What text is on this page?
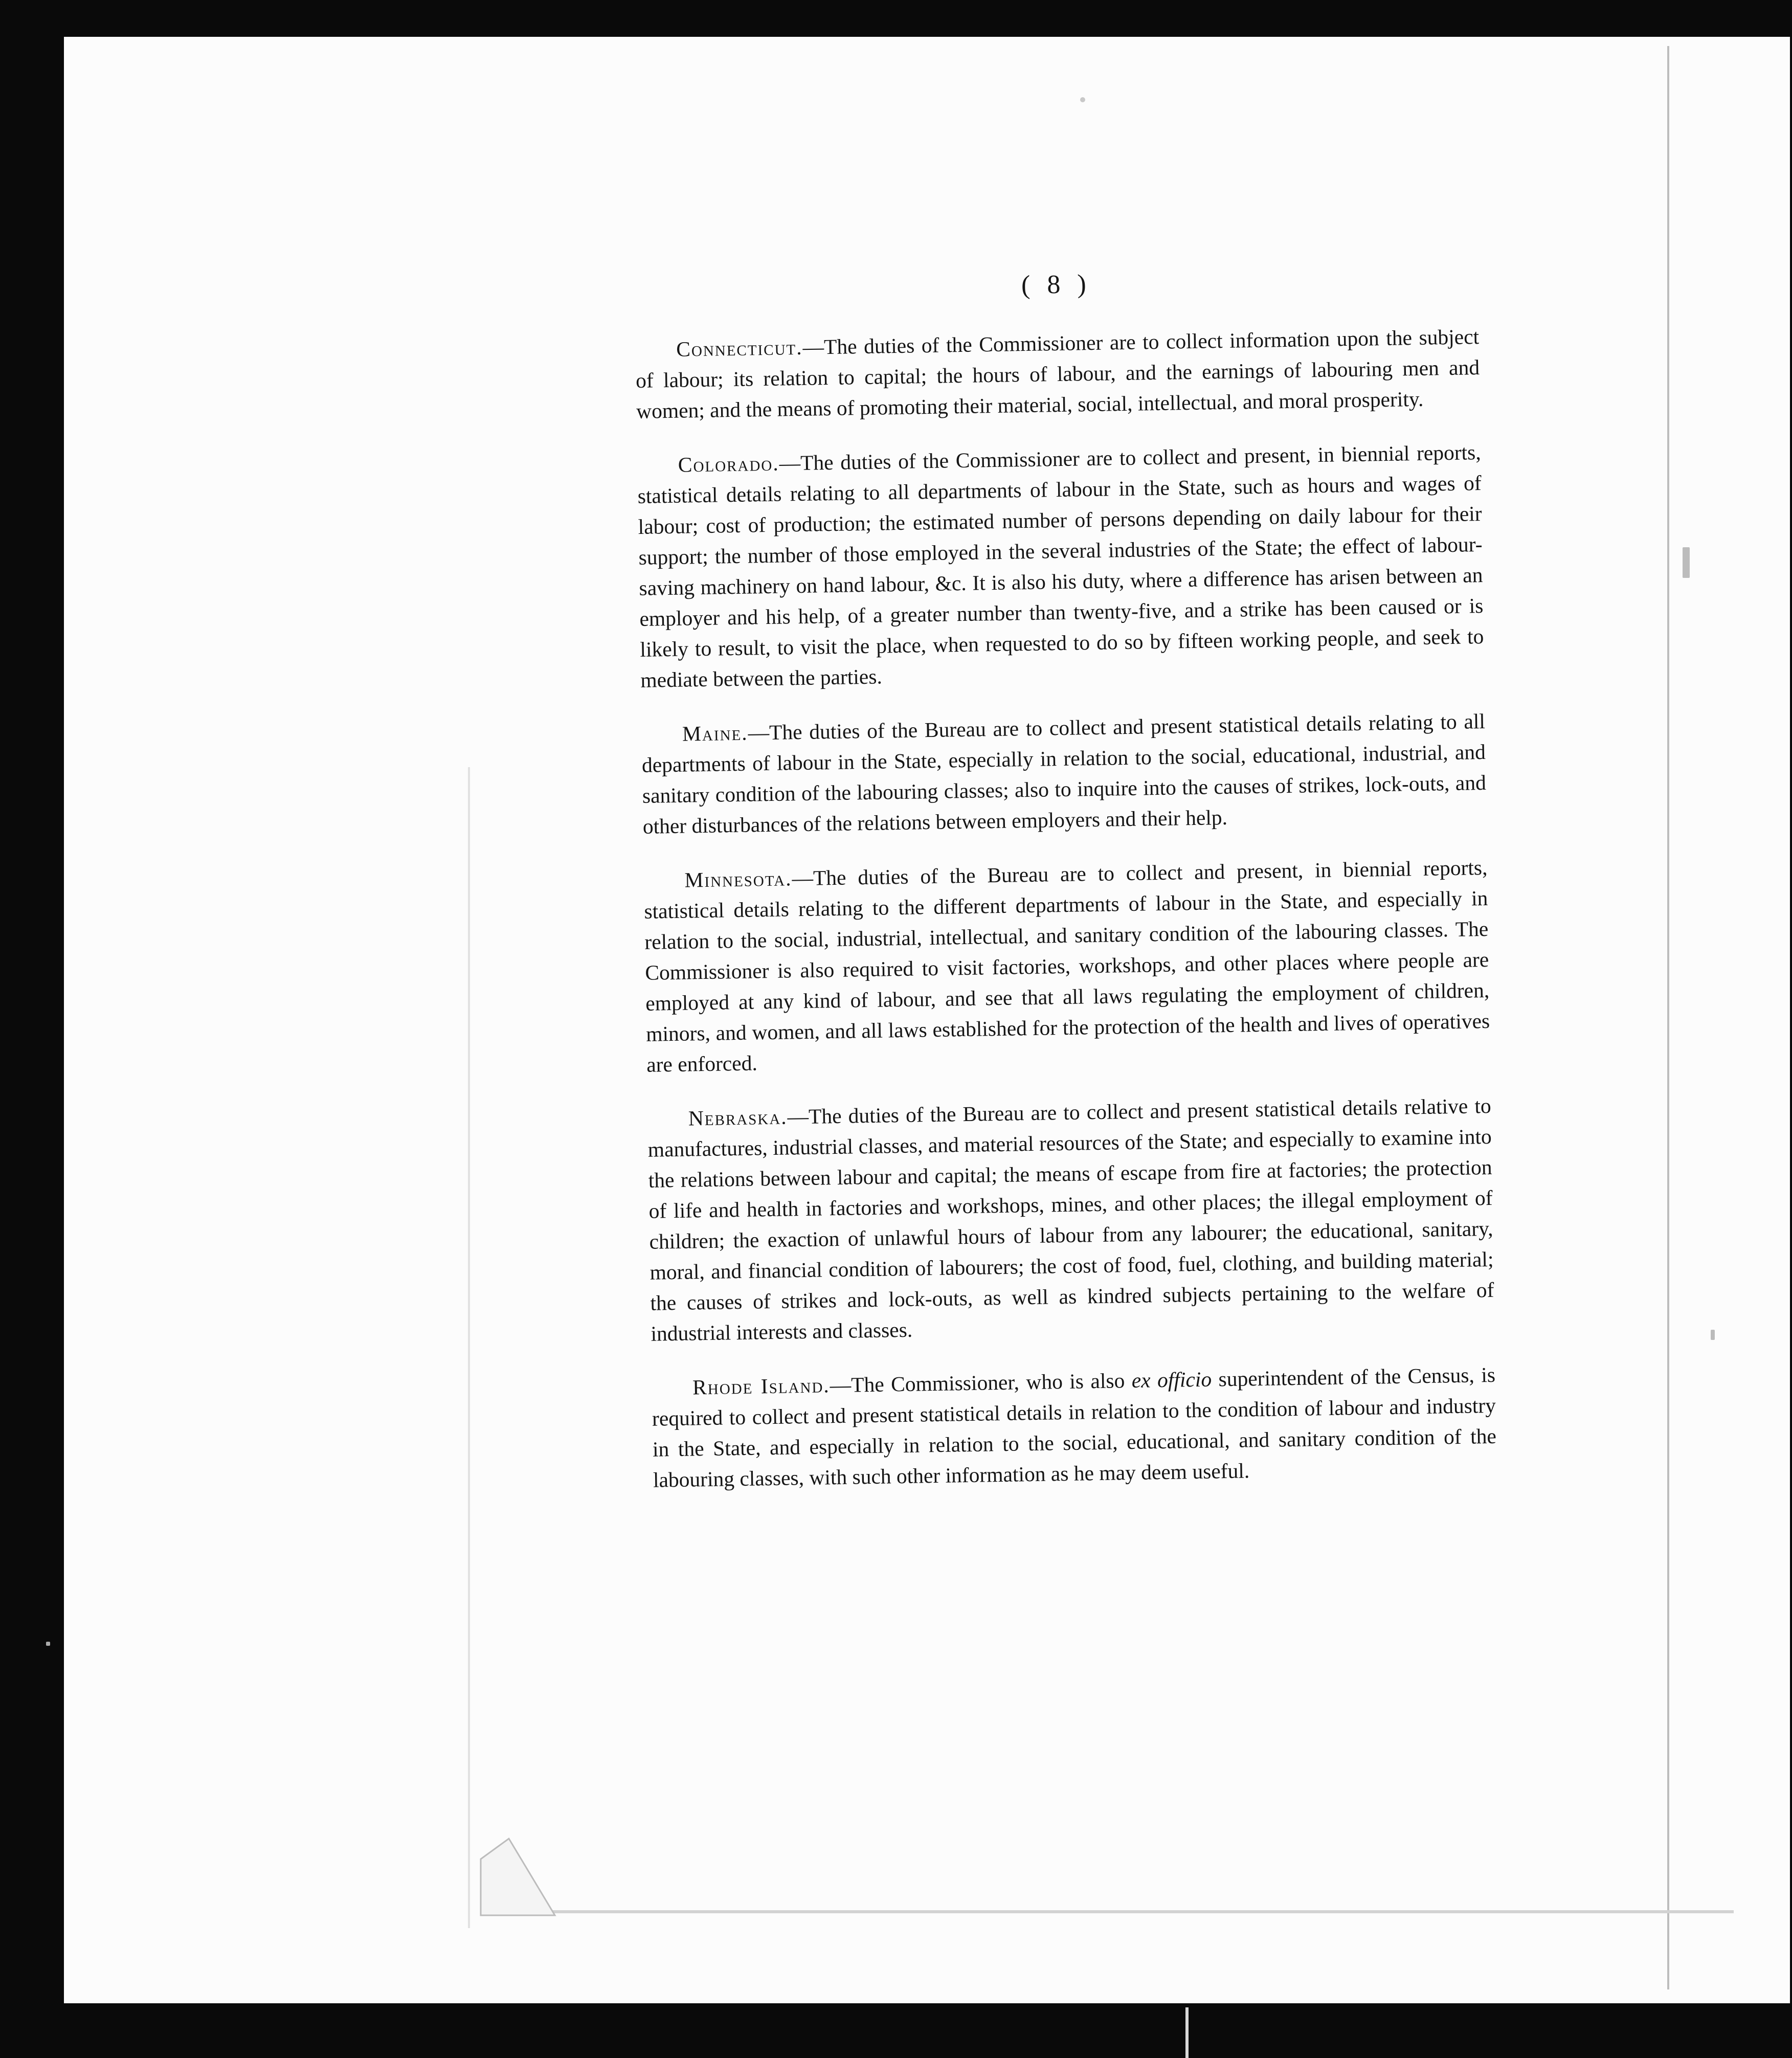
( 8 )

Connecticut.—The duties of the Commissioner are to collect information upon the subject of labour; its relation to capital; the hours of labour, and the earnings of labouring men and women; and the means of promoting their material, social, intellectual, and moral prosperity.

Colorado.—The duties of the Commissioner are to collect and present, in biennial reports, statistical details relating to all departments of labour in the State, such as hours and wages of labour; cost of production; the estimated number of persons depending on daily labour for their support; the number of those employed in the several industries of the State; the effect of labour-saving machinery on hand labour, &c. It is also his duty, where a difference has arisen between an employer and his help, of a greater number than twenty-five, and a strike has been caused or is likely to result, to visit the place, when requested to do so by fifteen working people, and seek to mediate between the parties.

Maine.—The duties of the Bureau are to collect and present statistical details relating to all departments of labour in the State, especially in relation to the social, educational, industrial, and sanitary condition of the labouring classes; also to inquire into the causes of strikes, lock-outs, and other disturbances of the relations between employers and their help.

Minnesota.—The duties of the Bureau are to collect and present, in biennial reports, statistical details relating to the different departments of labour in the State, and especially in relation to the social, industrial, intellectual, and sanitary condition of the labouring classes. The Commissioner is also required to visit factories, workshops, and other places where people are employed at any kind of labour, and see that all laws regulating the employment of children, minors, and women, and all laws established for the protection of the health and lives of operatives are enforced.

Nebraska.—The duties of the Bureau are to collect and present statistical details relative to manufactures, industrial classes, and material resources of the State; and especially to examine into the relations between labour and capital; the means of escape from fire at factories; the protection of life and health in factories and workshops, mines, and other places; the illegal employment of children; the exaction of unlawful hours of labour from any labourer; the educational, sanitary, moral, and financial condition of labourers; the cost of food, fuel, clothing, and building material; the causes of strikes and lock-outs, as well as kindred subjects pertaining to the welfare of industrial interests and classes.

Rhode Island.—The Commissioner, who is also ex officio superintendent of the Census, is required to collect and present statistical details in relation to the condition of labour and industry in the State, and especially in relation to the social, educational, and sanitary condition of the labouring classes, with such other information as he may deem useful.
